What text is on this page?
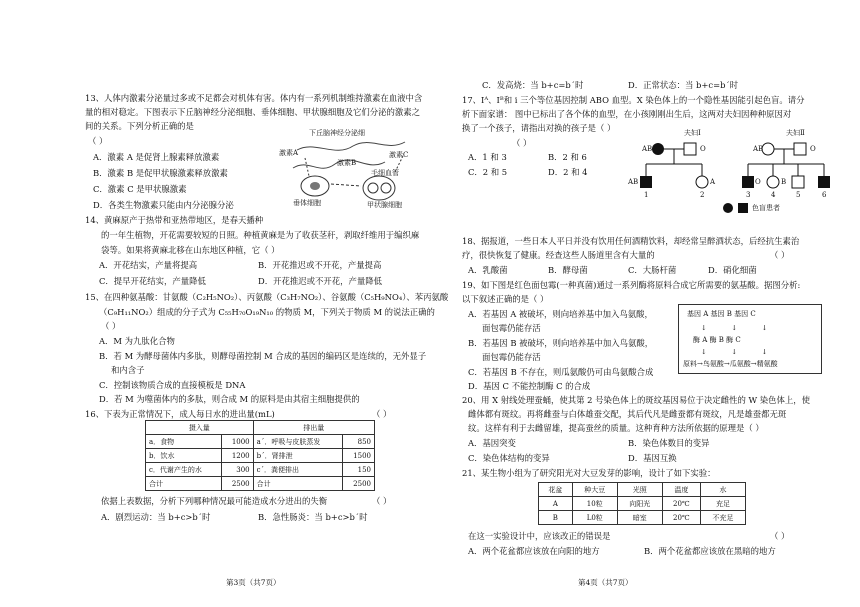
13、人体内激素分泌量过多或不足都会对机体有害。体内有一系列机制维持激素在血液中含
量的相对稳定。下图表示下丘脑神经分泌细胞、垂体细胞、甲状腺细胞及它们分泌的激素之
间的关系。下列分析正确的是
（ ）
A．激素 A 是促肾上腺素释放激素
B．激素 B 是促甲状腺激素释放激素
C．激素 C 是甲状腺激素
D．各类生物激素只能由内分泌腺分泌
下丘脑神经分泌细
激素A
激素B
激素C
毛细血管
垂体细胞	甲状腺细胞
14、黄麻原产于热带和亚热带地区，是春天播种
的一年生植物，开花需要较短的日照。种植黄麻是为了收获茎秆，剥取纤维用于编织麻
袋等。如果将黄麻北移在山东地区种植，它（ ）
A．开花结实，产量将提高	B．开花推迟或不开花，产量提高
C．提早开花结实，产量降低	D．开花推迟或不开花，产量降低
15、在四种氨基酸：甘氨酸（C₂H₅NO₂）、丙氨酸（C₃H₇NO₂）、谷氨酸（C₅H₉NO₄）、苯丙氨酸
（C₉H₁₁NO₂）组成的分子式为 C₅₅H₇₀O₁₉N₁₀ 的物质 M，下列关于物质 M 的说法正确的
（ ）
A．M 为九肽化合物
B．若 M 为酵母菌体内多肽，则酵母菌控制 M 合成的基因的编码区是连续的，无外显子
和内含子
C．控制该物质合成的直接模板是 DNA
D．若 M 为噬菌体内的多肽，则合成 M 的原料是由其宿主细胞提供的
16、下表为正常情况下，成人每日水的进出量(mL)	（ ）
摄入量		排出量	
a．食物	1000	a´．呼吸与皮肤蒸发	850
b．饮水	1200	b´．肾排泄	1500
c．代谢产生的水	300	c´．粪便排出	150
合计	2500	合计	2500
依据上表数据，分析下列哪种情况最可能造成水分进出的失衡	（ ）
A．剧烈运动：当 b+c>b´时	B．急性肠炎：当 b+c>b´时
第3页（共7页）
C．发高烧：当 b+c=b´时	D．正常状态：当 b+c=b´时
17、Iᴬ、Iᴮ和 i 三个等位基因控制 ABO 血型。X 染色体上的一个隐性基因能引起色盲。请分
析下面家谱： 图中已标出了各个体的血型，在小孩刚刚出生后，这两对夫妇因种种原因对
换了一个孩子，请指出对换的孩子是（ ）
（ ）
A．1 和 3	B．2 和 6
C．2 和 5	D．2 和 4
夫妇Ⅰ	夫妇Ⅱ
AB	O	AB	O
AB	A	O	B
1	2	3	4	5	6
色盲患者
18、据报道，一些日本人平日并没有饮用任何酒精饮料，却经常呈醉酒状态，后经抗生素治
疗，很快恢复了健康。经查这些人肠道里含有大量的	（ ）
A．乳酸菌	B．酵母菌	C．大肠杆菌	D．硝化细菌
19、如下图是红色面包霉(一种真菌)通过一系列酶将原料合成它所需要的氨基酸。据图分析:
以下叙述正确的是（ ）
A．若基因 A 被破坏，则向培养基中加入鸟氨酸，
面包霉仍能存活
B．若基因 B 被破坏，则向培养基中加入鸟氨酸，
面包霉仍能存活
C．若基因 B 不存在，则瓜氨酸仍可由鸟氨酸合成
D．基因 C 不能控制酶 C 的合成
基因 A 基因 B 基因 C
↓           ↓           ↓
酶 A 酶 B 酶 C
↓           ↓           ↓
原料→鸟氨酸→瓜氨酸→精氨酸
20、用 X 射线处理蚕蛹，使其第 2 号染色体上的斑纹基因易位于决定雌性的 W 染色体上，使
雌体都有斑纹。再将雌蚕与白体雄蚕交配，其后代凡是雌蚕都有斑纹，凡是雄蚕都无斑
纹。这样有利于去雌留雄，提高蚕丝的质量。这种育种方法所依据的原理是（ ）
A．基因突变	B．染色体数目的变异
C．染色体结构的变异	D．基因互换
21、某生物小组为了研究阳光对大豆发芽的影响，设计了如下实验：
花盆	种大豆	光照	温度	水
A	10粒	向阳光	20℃	充足
B	L0粒	暗室	20℃	不充足
在这一实验设计中，应该改正的错误是	（ ）
A．两个花盆都应该放在向阳的地方	B．两个花盆都应该放在黑暗的地方
第4页（共7页）
